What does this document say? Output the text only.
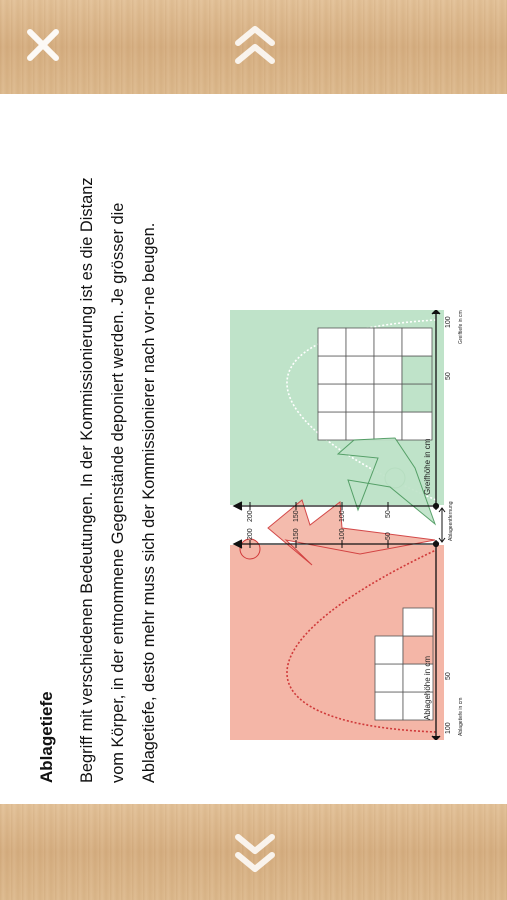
Ablagetiefe	Begriff mit verschiedenen Bedeutungen. In der Kommissionierung ist es die Distanz vom Körper, in der entnommene Gegenstände deponiert werden. Je grösser die Ablagetiefe, desto mehr muss sich der Kommissionierer nach vor-ne beugen.	200	150	100	50
200	150	100	50
100
50
50
100
Ablagehöhe in cm
Greifhöhe in cm
Ablagetiefe in cm
Greiftiefe in cm
Ablageentfernung
